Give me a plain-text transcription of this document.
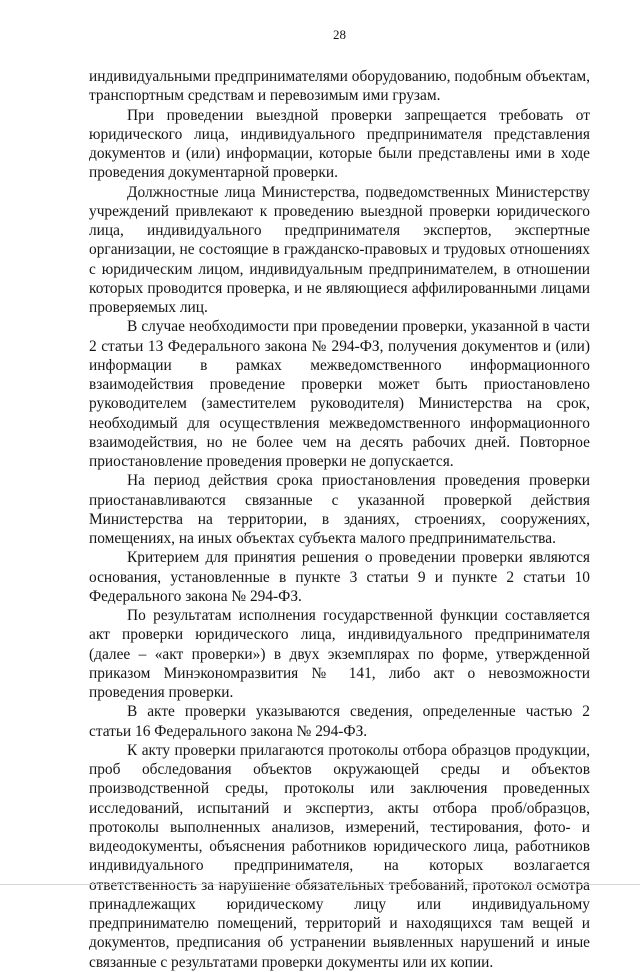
28

индивидуальными предпринимателями оборудованию, подобным объектам, транспортным средствам и перевозимым ими грузам.

При проведении выездной проверки запрещается требовать от юридического лица, индивидуального предпринимателя представления документов и (или) информации, которые были представлены ими в ходе проведения документарной проверки.

Должностные лица Министерства, подведомственных Министерству учреждений привлекают к проведению выездной проверки юридического лица, индивидуального предпринимателя экспертов, экспертные организации, не состоящие в гражданско-правовых и трудовых отношениях с юридическим лицом, индивидуальным предпринимателем, в отношении которых проводится проверка, и не являющиеся аффилированными лицами проверяемых лиц.

В случае необходимости при проведении проверки, указанной в части 2 статьи 13 Федерального закона № 294-ФЗ, получения документов и (или) информации в рамках межведомственного информационного взаимодействия проведение проверки может быть приостановлено руководителем (заместителем руководителя) Министерства на срок, необходимый для осуществления межведомственного информационного взаимодействия, но не более чем на десять рабочих дней. Повторное приостановление проведения проверки не допускается.

На период действия срока приостановления проведения проверки приостанавливаются связанные с указанной проверкой действия Министерства на территории, в зданиях, строениях, сооружениях, помещениях, на иных объектах субъекта малого предпринимательства.

Критерием для принятия решения о проведении проверки являются основания, установленные в пункте 3 статьи 9 и пункте 2 статьи 10 Федерального закона № 294-ФЗ.

По результатам исполнения государственной функции составляется акт проверки юридического лица, индивидуального предпринимателя (далее – «акт проверки») в двух экземплярах по форме, утвержденной приказом Минэкономразвития № 141, либо акт о невозможности проведения проверки.

В акте проверки указываются сведения, определенные частью 2 статьи 16 Федерального закона № 294-ФЗ.

К акту проверки прилагаются протоколы отбора образцов продукции, проб обследования объектов окружающей среды и объектов производственной среды, протоколы или заключения проведенных исследований, испытаний и экспертиз, акты отбора проб/образцов, протоколы выполненных анализов, измерений, тестирования, фото- и видеодокументы, объяснения работников юридического лица, работников индивидуального предпринимателя, на которых возлагается ответственность за нарушение обязательных требований, протокол осмотра принадлежащих юридическому лицу или индивидуальному предпринимателю помещений, территорий и находящихся там вещей и документов, предписания об устранении выявленных нарушений и иные связанные с результатами проверки документы или их копии.
